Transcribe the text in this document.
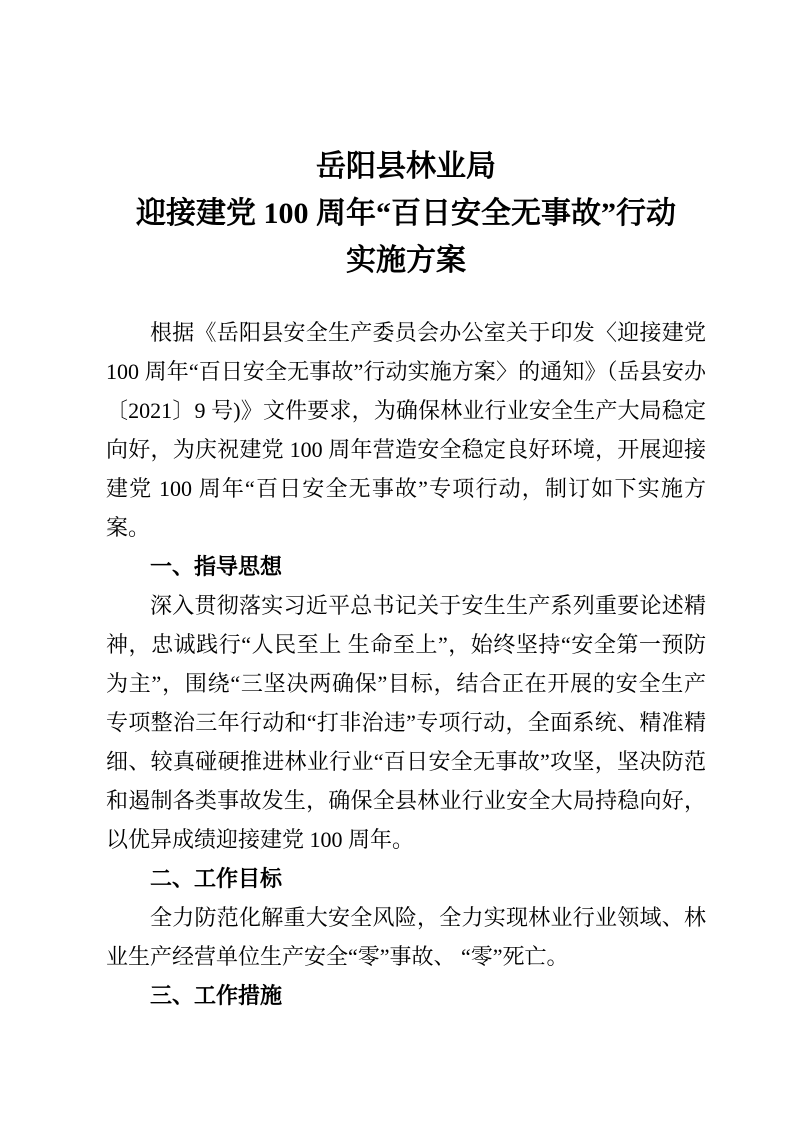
岳阳县林业局
迎接建党 100 周年“百日安全无事故”行动
实施方案

根据《岳阳县安全生产委员会办公室关于印发〈迎接建党 100 周年“百日安全无事故”行动实施方案〉的通知》（岳县安办〔2021〕9 号)》文件要求，为确保林业行业安全生产大局稳定向好，为庆祝建党 100 周年营造安全稳定良好环境，开展迎接建党 100 周年“百日安全无事故”专项行动，制订如下实施方案。

一、指导思想

深入贯彻落实习近平总书记关于安生生产系列重要论述精神，忠诚践行“人民至上 生命至上”，始终坚持“安全第一预防为主”，围绕“三坚决两确保”目标，结合正在开展的安全生产专项整治三年行动和“打非治违”专项行动，全面系统、精准精细、较真碰硬推进林业行业“百日安全无事故”攻坚，坚决防范和遏制各类事故发生，确保全县林业行业安全大局持稳向好，以优异成绩迎接建党 100 周年。

二、工作目标

全力防范化解重大安全风险，全力实现林业行业领域、林业生产经营单位生产安全“零”事故、 “零”死亡。

三、工作措施
